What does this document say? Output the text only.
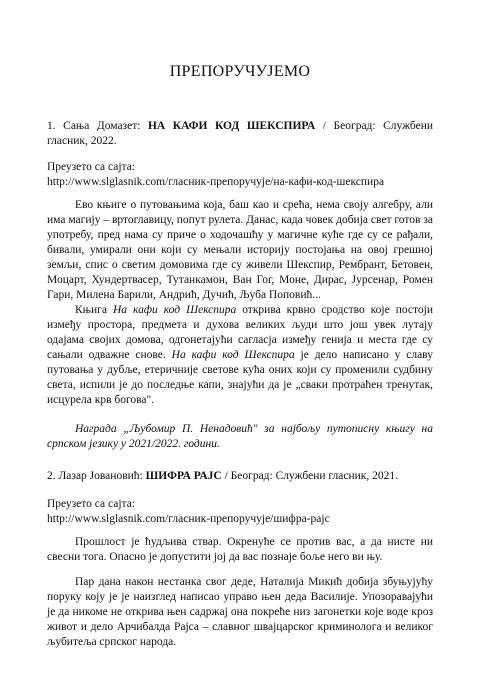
ПРЕПОРУЧУЈЕМО

1. Сања Домазет: НА КАФИ КОД ШЕКСПИРА / Београд: Службени гласник, 2022.

Преузето са сајта:

http://www.slglasnik.com/гласник-препоручује/на-кафи-код-шекспира

Ево књиге о путовањима која, баш као и срећа, нема своју алгебру, али има магију – вртоглавицу, попут рулета. Данас, када човек добија свет готов за употребу, пред нама су приче о ходочашћу у магичне куће где су се рађали, бивали, умирали они који су мењали историју постојања на овој грешној земљи, спис о светим домовима где су живели Шекспир, Рембрант, Бетовен, Моцарт, Хундертвасер, Тутанкамон, Ван Гог, Моне, Дирас, Јурсенар, Ромен Гари, Милена Барили, Андрић, Дучић, Љуба Поповић...

Књига На кафи код Шекспира открива крвно сродство које постоји између простора, предмета и духова великих људи што још увек лутају одајама својих домова, одгонетајући сагласја између генија и места где су сањали одважне снове. На кафи код Шекспира је дело написано у славу путовања у дубље, етеричније светове кућа оних који су променили судбину света, испили је до последње капи, знајући да је „сваки протраћен тренутак, исцурела крв богова".

Награда „Љубомир П. Ненадовић" за најбољу путописну књигу на српском језику у 2021/2022. години.

2. Лазар Јовановић: ШИФРА РАЈС / Београд: Службени гласник, 2021.

Преузето са сајта:

http://www.slglasnik.com/гласник-препоручује/шифра-рајс

Прошлост је ћудљива ствар. Окренуће се против вас, а да нисте ни свесни тога. Опасно је допустити јој да вас познаје боље него ви њу.

Пар дана након нестанка свог деде, Наталија Микић добија збуњујућу поруку коју је је наизглед написао управо њен деда Василије. Упозоравајући је да никоме не открива њен садржај она покреће низ загонетки које воде кроз живот и дело Арчибалда Рајса – славног швајцарског криминолога и великог љубитеља српског народа.
